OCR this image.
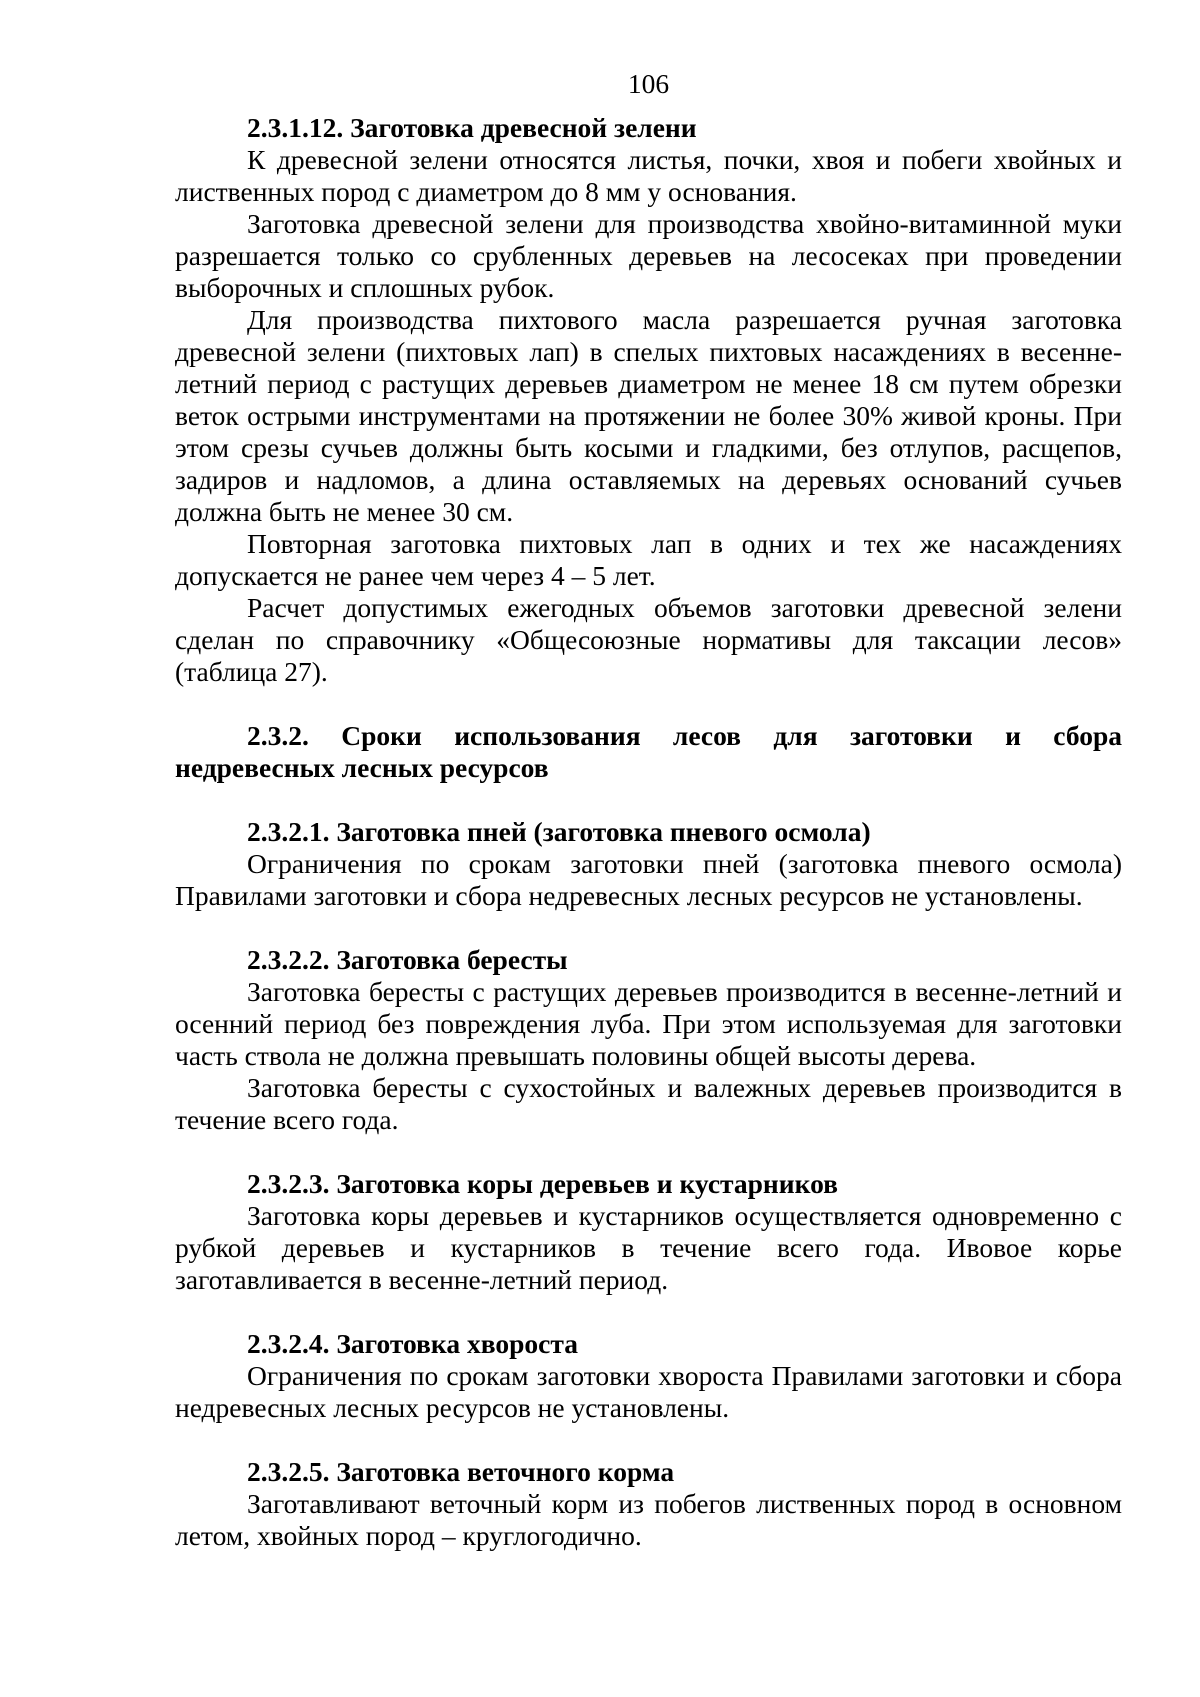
106
2.3.1.12. Заготовка древесной зелени

К древесной зелени относятся листья, почки, хвоя и побеги хвойных и лиственных пород с диаметром до 8 мм у основания.

Заготовка древесной зелени для производства хвойно-витаминной муки разрешается только со срубленных деревьев на лесосеках при проведении выборочных и сплошных рубок.

Для производства пихтового масла разрешается ручная заготовка древесной зелени (пихтовых лап) в спелых пихтовых насаждениях в весенне-летний период с растущих деревьев диаметром не менее 18 см путем обрезки веток острыми инструментами на протяжении не более 30% живой кроны. При этом срезы сучьев должны быть косыми и гладкими, без отлупов, расщепов, задиров и надломов, а длина оставляемых на деревьях оснований сучьев должна быть не менее 30 см.

Повторная заготовка пихтовых лап в одних и тех же насаждениях допускается не ранее чем через 4 – 5 лет.

Расчет допустимых ежегодных объемов заготовки древесной зелени сделан по справочнику «Общесоюзные нормативы для таксации лесов» (таблица 27).

2.3.2. Сроки использования лесов для заготовки и сбора
недревесных лесных ресурсов
2.3.2.1. Заготовка пней (заготовка пневого осмола)

Ограничения по срокам заготовки пней (заготовка пневого осмола) Правилами заготовки и сбора недревесных лесных ресурсов не установлены.

2.3.2.2. Заготовка бересты

Заготовка бересты с растущих деревьев производится в весенне-летний и осенний период без повреждения луба. При этом используемая для заготовки часть ствола не должна превышать половины общей высоты дерева.

Заготовка бересты с сухостойных и валежных деревьев производится в течение всего года.

2.3.2.3. Заготовка коры деревьев и кустарников

Заготовка коры деревьев и кустарников осуществляется одновременно с рубкой деревьев и кустарников в течение всего года. Ивовое корье заготавливается в весенне-летний период.

2.3.2.4. Заготовка хвороста

Ограничения по срокам заготовки хвороста Правилами заготовки и сбора недревесных лесных ресурсов не установлены.

2.3.2.5. Заготовка веточного корма

Заготавливают веточный корм из побегов лиственных пород в основном летом, хвойных пород – круглогодично.
